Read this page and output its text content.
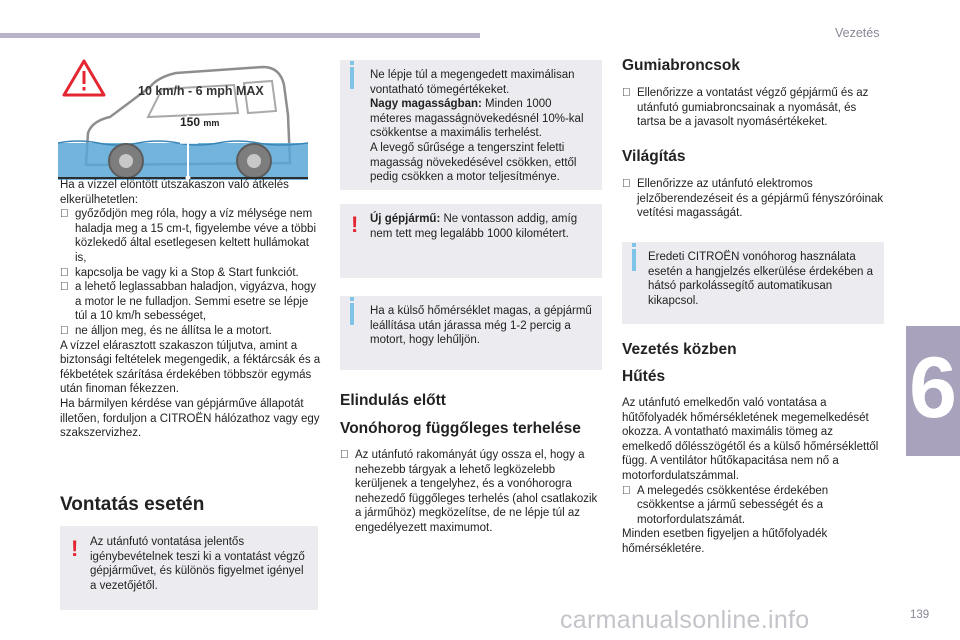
Vezetés
6
carmanualsonline.info	139
10 km/h - 6 mph MAX
150 mm

Ha a vízzel elöntött útszakaszon való átkelés elkerülhetetlen:

győződjön meg róla, hogy a víz mélysége nem haladja meg a 15 cm-t, figyelembe véve a többi közlekedő által esetlegesen keltett hullámokat is,

kapcsolja be vagy ki a Stop & Start funkciót.

a lehető leglassabban haladjon, vigyázva, hogy a motor le ne fulladjon. Semmi esetre se lépje túl a 10 km/h sebességet,

ne álljon meg, és ne állítsa le a motort.

A vízzel elárasztott szakaszon túljutva, amint a biztonsági feltételek megengedik, a féktárcsák és a fékbetétek szárítása érdekében többször egymás után finoman fékezzen.

Ha bármilyen kérdése van gépjárműve állapotát illetően, forduljon a CITROËN hálózathoz vagy egy szakszervizhez.

Vontatás esetén
!	Az utánfutó vontatása jelentős igénybevételnek teszi ki a vontatást végző gépjárművet, és különös figyelmet igényel a vezetőjétől.

Ne lépje túl a megengedett maximálisan vontatható tömegértékeket.

Nagy magasságban: Minden 1000 méteres magasságnövekedésnél 10%-kal csökkentse a maximális terhelést.

A levegő sűrűsége a tengerszint feletti magasság növekedésével csökken, ettől pedig csökken a motor teljesítménye.

!	Új gépjármű: Ne vontasson addig, amíg nem tett meg legalább 1000 kilométert.
Ha a külső hőmérséklet magas, a gépjármű leállítása után járassa még 1-2 percig a motort, hogy lehűljön.
Elindulás előtt
Vonóhorog függőleges terhelése

Az utánfutó rakományát úgy ossza el, hogy a nehezebb tárgyak a lehető legközelebb kerüljenek a tengelyhez, és a vonóhorogra nehezedő függőleges terhelés (ahol csatlakozik a járműhöz) megközelítse, de ne lépje túl az engedélyezett maximumot.

Gumiabroncsok

Ellenőrizze a vontatást végző gépjármű és az utánfutó gumiabroncsainak a nyomását, és tartsa be a javasolt nyomásértékeket.

Világítás

Ellenőrizze az utánfutó elektromos jelzőberendezéseit és a gépjármű fényszóróinak vetítési magasságát.

Eredeti CITROËN vonóhorog használata esetén a hangjelzés elkerülése érdekében a hátsó parkolássegítő automatikusan kikapcsol.
Vezetés közben
Hűtés

Az utánfutó emelkedőn való vontatása a hűtőfolyadék hőmérsékletének megemelkedését okozza. A vontatható maximális tömeg az emelkedő dőlésszögétől és a külső hőmérséklettől függ. A ventilátor hűtőkapacitása nem nő a motorfordulatszámmal.

A melegedés csökkentése érdekében csökkentse a jármű sebességét és a motorfordulatszámát.

Minden esetben figyeljen a hűtőfolyadék hőmérsékletére.
